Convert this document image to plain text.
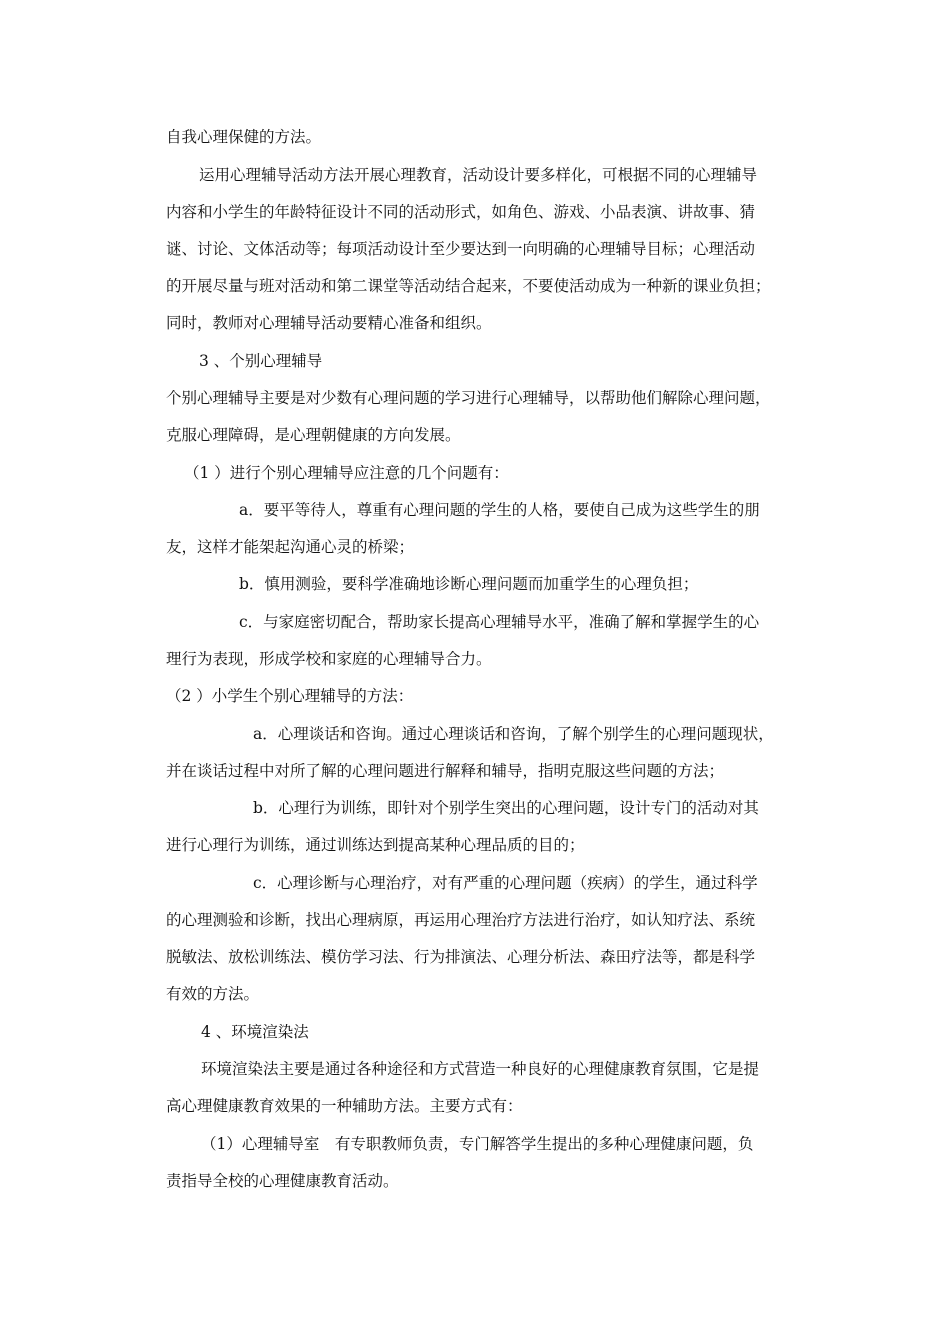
自我心理保健的方法。
运用心理辅导活动方法开展心理教育，活动设计要多样化，可根据不同的心理辅导
内容和小学生的年龄特征设计不同的活动形式，如角色、游戏、小品表演、讲故事、猜
谜、讨论、文体活动等；每项活动设计至少要达到一向明确的心理辅导目标；心理活动
的开展尽量与班对活动和第二课堂等活动结合起来，不要使活动成为一种新的课业负担；
同时，教师对心理辅导活动要精心准备和组织。
3 、个别心理辅导
个别心理辅导主要是对少数有心理问题的学习进行心理辅导，以帮助他们解除心理问题，
克服心理障碍，是心理朝健康的方向发展。
（1 ）进行个别心理辅导应注意的几个问题有：
a．要平等待人，尊重有心理问题的学生的人格，要使自己成为这些学生的朋
友，这样才能架起沟通心灵的桥梁；
b．慎用测验，要科学准确地诊断心理问题而加重学生的心理负担；
c．与家庭密切配合，帮助家长提高心理辅导水平，准确了解和掌握学生的心
理行为表现，形成学校和家庭的心理辅导合力。
（2 ）小学生个别心理辅导的方法：
a．心理谈话和咨询。通过心理谈话和咨询，了解个别学生的心理问题现状，
并在谈话过程中对所了解的心理问题进行解释和辅导，指明克服这些问题的方法；
b．心理行为训练，即针对个别学生突出的心理问题，设计专门的活动对其
进行心理行为训练，通过训练达到提高某种心理品质的目的；
c．心理诊断与心理治疗，对有严重的心理问题（疾病）的学生，通过科学
的心理测验和诊断，找出心理病原，再运用心理治疗方法进行治疗，如认知疗法、系统
脱敏法、放松训练法、模仿学习法、行为排演法、心理分析法、森田疗法等，都是科学
有效的方法。
4 、环境渲染法
环境渲染法主要是通过各种途径和方式营造一种良好的心理健康教育氛围，它是提
高心理健康教育效果的一种辅助方法。主要方式有：
（1）心理辅导室　有专职教师负责，专门解答学生提出的多种心理健康问题，负
责指导全校的心理健康教育活动。
